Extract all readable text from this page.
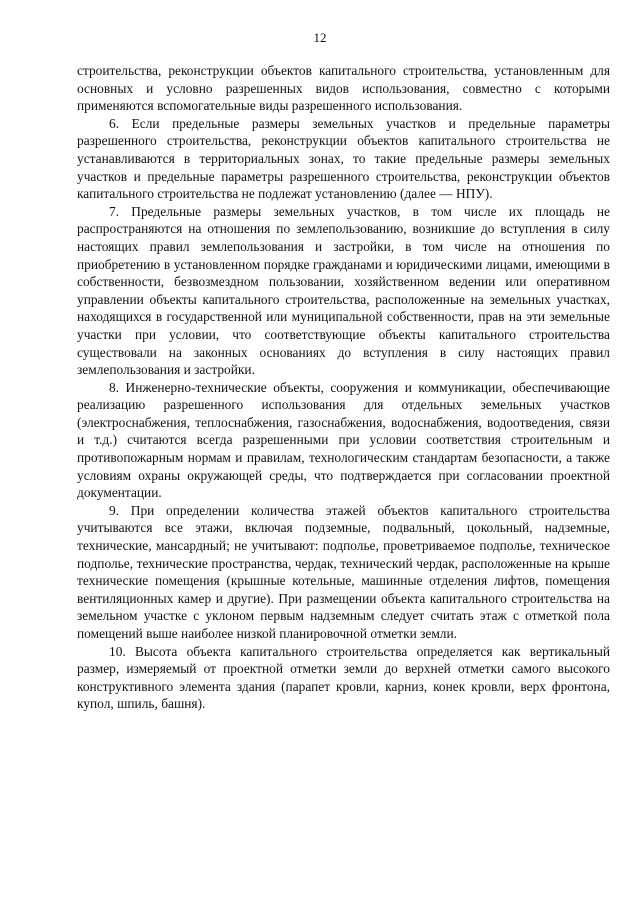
12

строительства, реконструкции объектов капитального строительства, установленным для основных и условно разрешенных видов использования, совместно с которыми применяются вспомогательные виды разрешенного использования.

6. Если предельные размеры земельных участков и предельные параметры разрешенного строительства, реконструкции объектов капитального строительства не устанавливаются в территориальных зонах, то такие предельные размеры земельных участков и предельные параметры разрешенного строительства, реконструкции объектов капитального строительства не подлежат установлению (далее — НПУ).

7. Предельные размеры земельных участков, в том числе их площадь не распространяются на отношения по землепользованию, возникшие до вступления в силу настоящих правил землепользования и застройки, в том числе на отношения по приобретению в установленном порядке гражданами и юридическими лицами, имеющими в собственности, безвозмездном пользовании, хозяйственном ведении или оперативном управлении объекты капитального строительства, расположенные на земельных участках, находящихся в государственной или муниципальной собственности, прав на эти земельные участки при условии, что соответствующие объекты капитального строительства существовали на законных основаниях до вступления в силу настоящих правил землепользования и застройки.

8. Инженерно-технические объекты, сооружения и коммуникации, обеспечивающие реализацию разрешенного использования для отдельных земельных участков (электроснабжения, теплоснабжения, газоснабжения, водоснабжения, водоотведения, связи и т.д.) считаются всегда разрешенными при условии соответствия строительным и противопожарным нормам и правилам, технологическим стандартам безопасности, а также условиям охраны окружающей среды, что подтверждается при согласовании проектной документации.

9. При определении количества этажей объектов капитального строительства учитываются все этажи, включая подземные, подвальный, цокольный, надземные, технические, мансардный; не учитывают: подполье, проветриваемое подполье, техническое подполье, технические пространства, чердак, технический чердак, расположенные на крыше технические помещения (крышные котельные, машинные отделения лифтов, помещения вентиляционных камер и другие). При размещении объекта капитального строительства на земельном участке с уклоном первым надземным следует считать этаж с отметкой пола помещений выше наиболее низкой планировочной отметки земли.

10. Высота объекта капитального строительства определяется как вертикальный размер, измеряемый от проектной отметки земли до верхней отметки самого высокого конструктивного элемента здания (парапет кровли, карниз, конек кровли, верх фронтона, купол, шпиль, башня).
